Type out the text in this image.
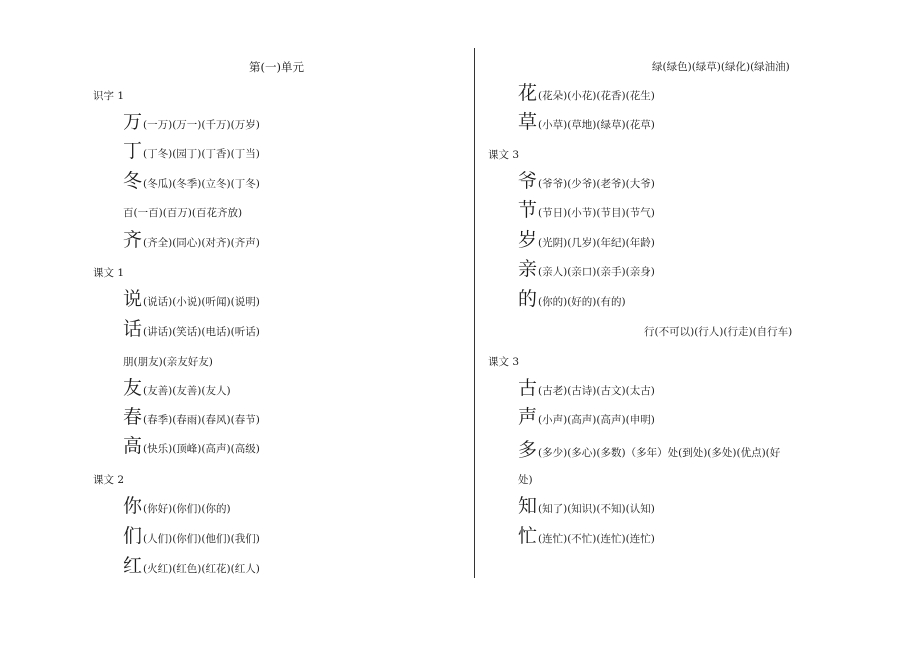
第(一)单元
识字 1
万(一万)(万一)(千万)(万岁)
丁(丁冬)(园丁)(丁香)(丁当)
冬(冬瓜)(冬季)(立冬)(丁冬)
百(一百)(百万)(百花齐放)
齐(齐全)(同心)(对齐)(齐声)
课文 1
说(说话)(小说)(听闻)(说明)
话(讲话)(笑话)(电话)(听话)
朋(朋友)(亲友好友)
友(友善)(友善)(友人)
春(春季)(春雨)(春风)(春节)
高(快乐)(顶峰)(高声)(高级)
课文 2
你(你好)(你们)(你的)
们(人们)(你们)(他们)(我们)
红(火红)(红色)(红花)(红人)
绿(绿色)(绿草)(绿化)(绿油油)
花(花朵)(小花)(花香)(花生)
草(小草)(草地)(绿草)(花草)
课文 3
爷(爷爷)(少爷)(老爷)(大爷)
节(节日)(小节)(节目)(节气)
岁(光阴)(几岁)(年纪)(年龄)
亲(亲人)(亲口)(亲手)(亲身)
的(你的)(好的)(有的)
行(不可以)(行人)(行走)(自行车)
课文 3
古(古老)(古诗)(古文)(太古)
声(小声)(高声)(高声)(申明)
多(多少)(多心)(多数)（多年）处(到处)(多处)(优点)(好
处)
知(知了)(知识)(不知)(认知)
忙(连忙)(不忙)(连忙)(连忙)
